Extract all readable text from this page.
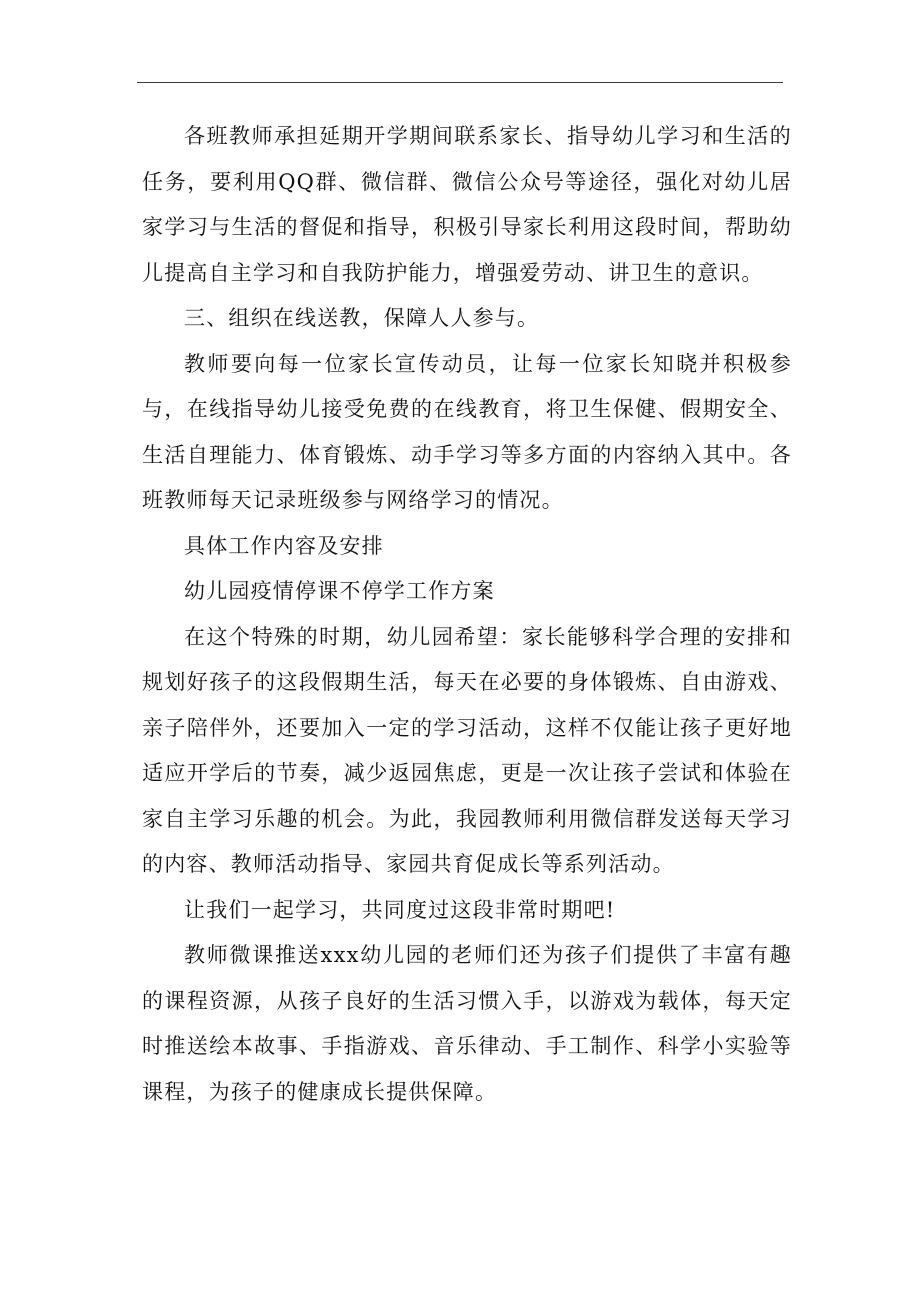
各班教师承担延期开学期间联系家长、指导幼儿学习和生活的任务，要利用QQ群、微信群、微信公众号等途径，强化对幼儿居家学习与生活的督促和指导，积极引导家长利用这段时间，帮助幼儿提高自主学习和自我防护能力，增强爱劳动、讲卫生的意识。

三、组织在线送教，保障人人参与。

教师要向每一位家长宣传动员，让每一位家长知晓并积极参与，在线指导幼儿接受免费的在线教育，将卫生保健、假期安全、生活自理能力、体育锻炼、动手学习等多方面的内容纳入其中。各班教师每天记录班级参与网络学习的情况。

具体工作内容及安排

幼儿园疫情停课不停学工作方案

在这个特殊的时期，幼儿园希望：家长能够科学合理的安排和规划好孩子的这段假期生活，每天在必要的身体锻炼、自由游戏、亲子陪伴外，还要加入一定的学习活动，这样不仅能让孩子更好地适应开学后的节奏，减少返园焦虑，更是一次让孩子尝试和体验在家自主学习乐趣的机会。为此，我园教师利用微信群发送每天学习的内容、教师活动指导、家园共育促成长等系列活动。

让我们一起学习，共同度过这段非常时期吧!

教师微课推送xxx幼儿园的老师们还为孩子们提供了丰富有趣的课程资源，从孩子良好的生活习惯入手，以游戏为载体，每天定时推送绘本故事、手指游戏、音乐律动、手工制作、科学小实验等课程，为孩子的健康成长提供保障。
